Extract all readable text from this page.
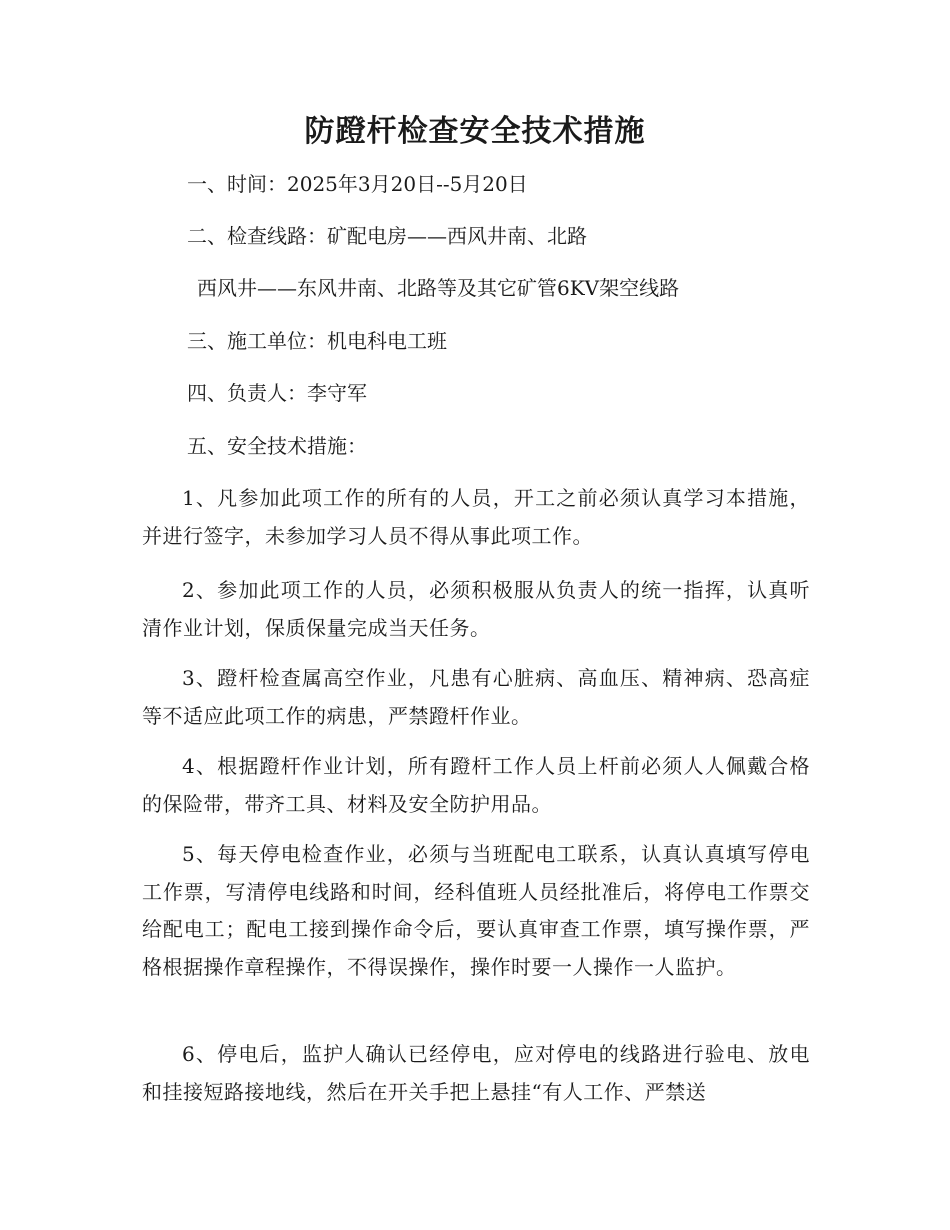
防蹬杆检查安全技术措施

一、时间：2025年3月20日--5月20日

二、检查线路：矿配电房——西风井南、北路

西风井——东风井南、北路等及其它矿管6KV架空线路

三、施工单位：机电科电工班

四、负责人：李守军

五、安全技术措施：

1、凡参加此项工作的所有的人员，开工之前必须认真学习本措施，并进行签字，未参加学习人员不得从事此项工作。

2、参加此项工作的人员，必须积极服从负责人的统一指挥，认真听清作业计划，保质保量完成当天任务。

3、蹬杆检查属高空作业，凡患有心脏病、高血压、精神病、恐高症等不适应此项工作的病患，严禁蹬杆作业。

4、根据蹬杆作业计划，所有蹬杆工作人员上杆前必须人人佩戴合格的保险带，带齐工具、材料及安全防护用品。

5、每天停电检查作业，必须与当班配电工联系，认真认真填写停电工作票，写清停电线路和时间，经科值班人员经批准后，将停电工作票交给配电工；配电工接到操作命令后，要认真审查工作票，填写操作票，严格根据操作章程操作，不得误操作，操作时要一人操作一人监护。

6、停电后，监护人确认已经停电，应对停电的线路进行验电、放电和挂接短路接地线，然后在开关手把上悬挂“有人工作、严禁送
